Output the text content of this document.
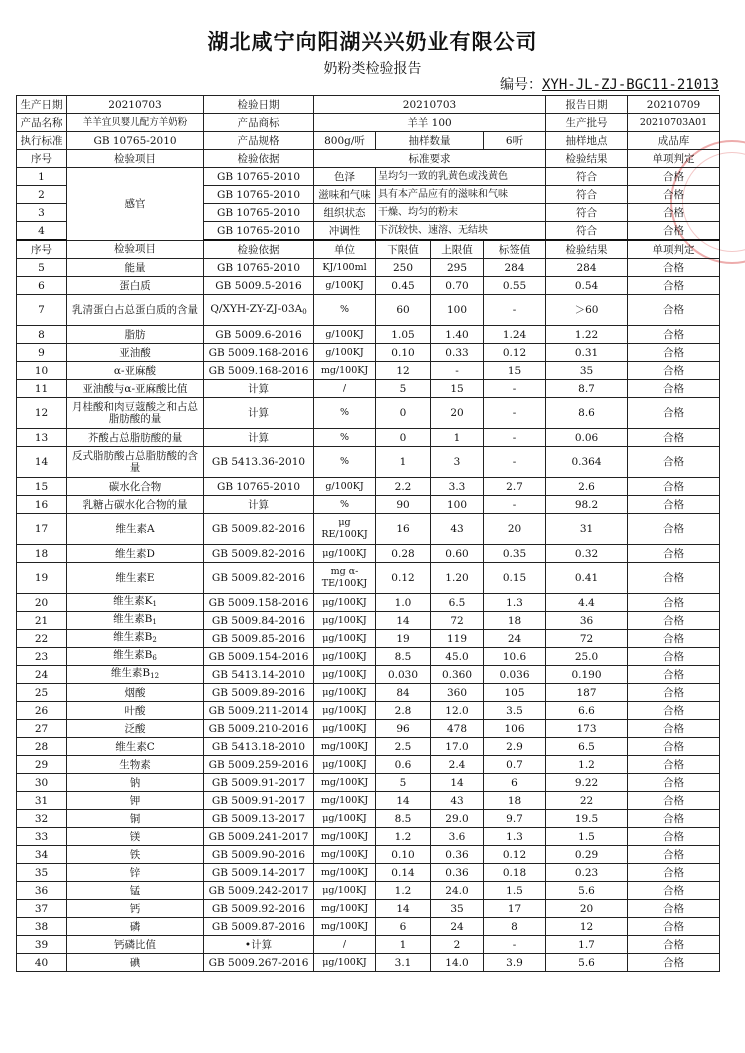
湖北咸宁向阳湖兴兴奶业有限公司
奶粉类检验报告
编号：XYH-JL-ZJ-BGC11-21013
生产日期	20210703	检验日期	20210703				报告日期	20210709
产品名称	羊羊宜贝婴儿配方羊奶粉	产品商标	羊羊 100				生产批号	20210703A01
执行标准	GB 10765-2010	产品规格	800g/听	抽样数量		6听	抽样地点	成品库
序号	检验项目	检验依据	标准要求				检验结果	单项判定
1	感官	GB 10765-2010	色泽	呈均匀一致的乳黄色或浅黄色			符合	合格
2		GB 10765-2010	滋味和气味	具有本产品应有的滋味和气味			符合	合格
3		GB 10765-2010	组织状态	干燥、均匀的粉末			符合	合格
4		GB 10765-2010	冲调性	下沉较快、速溶、无结块			符合	合格
序号	检验项目	检验依据	单位	下限值	上限值	标签值	检验结果	单项判定
5	能量	GB 10765-2010	KJ/100ml	250	295	284	284	合格
6	蛋白质	GB 5009.5-2016	g/100KJ	0.45	0.70	0.55	0.54	合格
7	乳清蛋白占总蛋白质的含量	$Q/XYH-ZY-ZJ-03A_0$	%	60	100	-	＞60	合格
8	脂肪	GB 5009.6-2016	g/100KJ	1.05	1.40	1.24	1.22	合格
9	亚油酸	GB 5009.168-2016	g/100KJ	0.10	0.33	0.12	0.31	合格
10	α-亚麻酸	GB 5009.168-2016	mg/100KJ	12	-	15	35	合格
11	亚油酸与α-亚麻酸比值	计算	/	5	15	-	8.7	合格
12	月桂酸和肉豆蔻酸之和占总脂肪酸的量	计算	%	0	20	-	8.6	合格
13	芥酸占总脂肪酸的量	计算	%	0	1	-	0.06	合格
14	反式脂肪酸占总脂肪酸的含量	GB 5413.36-2010	%	1	3	-	0.364	合格
15	碳水化合物	GB 10765-2010	g/100KJ	2.2	3.3	2.7	2.6	合格
16	乳糖占碳水化合物的量	计算	%	90	100	-	98.2	合格
17	维生素A	GB 5009.82-2016	μg RE/100KJ	16	43	20	31	合格
18	维生素D	GB 5009.82-2016	μg/100KJ	0.28	0.60	0.35	0.32	合格
19	维生素E	GB 5009.82-2016	mg α-TE/100KJ	0.12	1.20	0.15	0.41	合格
20	维生素$K_1$	GB 5009.158-2016	μg/100KJ	1.0	6.5	1.3	4.4	合格
21	维生素$B_1$	GB 5009.84-2016	μg/100KJ	14	72	18	36	合格
22	维生素$B_2$	GB 5009.85-2016	μg/100KJ	19	119	24	72	合格
23	维生素$B_6$	GB 5009.154-2016	μg/100KJ	8.5	45.0	10.6	25.0	合格
24	维生素$B_{12}$	GB 5413.14-2010	μg/100KJ	0.030	0.360	0.036	0.190	合格
25	烟酸	GB 5009.89-2016	μg/100KJ	84	360	105	187	合格
26	叶酸	GB 5009.211-2014	μg/100KJ	2.8	12.0	3.5	6.6	合格
27	泛酸	GB 5009.210-2016	μg/100KJ	96	478	106	173	合格
28	维生素C	GB 5413.18-2010	mg/100KJ	2.5	17.0	2.9	6.5	合格
29	生物素	GB 5009.259-2016	μg/100KJ	0.6	2.4	0.7	1.2	合格
30	钠	GB 5009.91-2017	mg/100KJ	5	14	6	9.22	合格
31	钾	GB 5009.91-2017	mg/100KJ	14	43	18	22	合格
32	铜	GB 5009.13-2017	μg/100KJ	8.5	29.0	9.7	19.5	合格
33	镁	GB 5009.241-2017	mg/100KJ	1.2	3.6	1.3	1.5	合格
34	铁	GB 5009.90-2016	mg/100KJ	0.10	0.36	0.12	0.29	合格
35	锌	GB 5009.14-2017	mg/100KJ	0.14	0.36	0.18	0.23	合格
36	锰	GB 5009.242-2017	μg/100KJ	1.2	24.0	1.5	5.6	合格
37	钙	GB 5009.92-2016	mg/100KJ	14	35	17	20	合格
38	磷	GB 5009.87-2016	mg/100KJ	6	24	8	12	合格
39	钙磷比值	•计算	/	1	2	-	1.7	合格
40	碘	GB 5009.267-2016	μg/100KJ	3.1	14.0	3.9	5.6	合格
